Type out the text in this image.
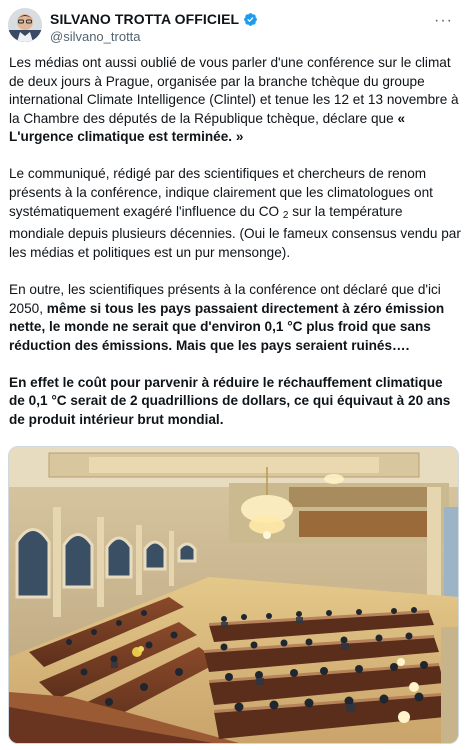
SILVANO TROTTA OFFICIEL
@silvano_trotta
···

Les médias ont aussi oublié de vous parler d'une conférence sur le climat de deux jours à Prague, organisée par la branche tchèque du groupe international Climate Intelligence (Clintel) et tenue les 12 et 13 novembre à la Chambre des députés de la République tchèque, déclare que « L'urgence climatique est terminée. »

Le communiqué, rédigé par des scientifiques et chercheurs de renom présents à la conférence, indique clairement que les climatologues ont systématiquement exagéré l'influence du CO $_2$ sur la température mondiale depuis plusieurs décennies. (Oui le fameux consensus vendu par les médias et politiques est un pur mensonge).

En outre, les scientifiques présents à la conférence ont déclaré que d'ici 2050, même si tous les pays passaient directement à zéro émission nette, le monde ne serait que d'environ 0,1 °C plus froid que sans réduction des émissions. Mais que les pays seraient ruinés….

En effet le coût pour parvenir à réduire le réchauffement climatique de 0,1 °C serait de 2 quadrillions de dollars, ce qui équivaut à 20 ans de produit intérieur brut mondial.
